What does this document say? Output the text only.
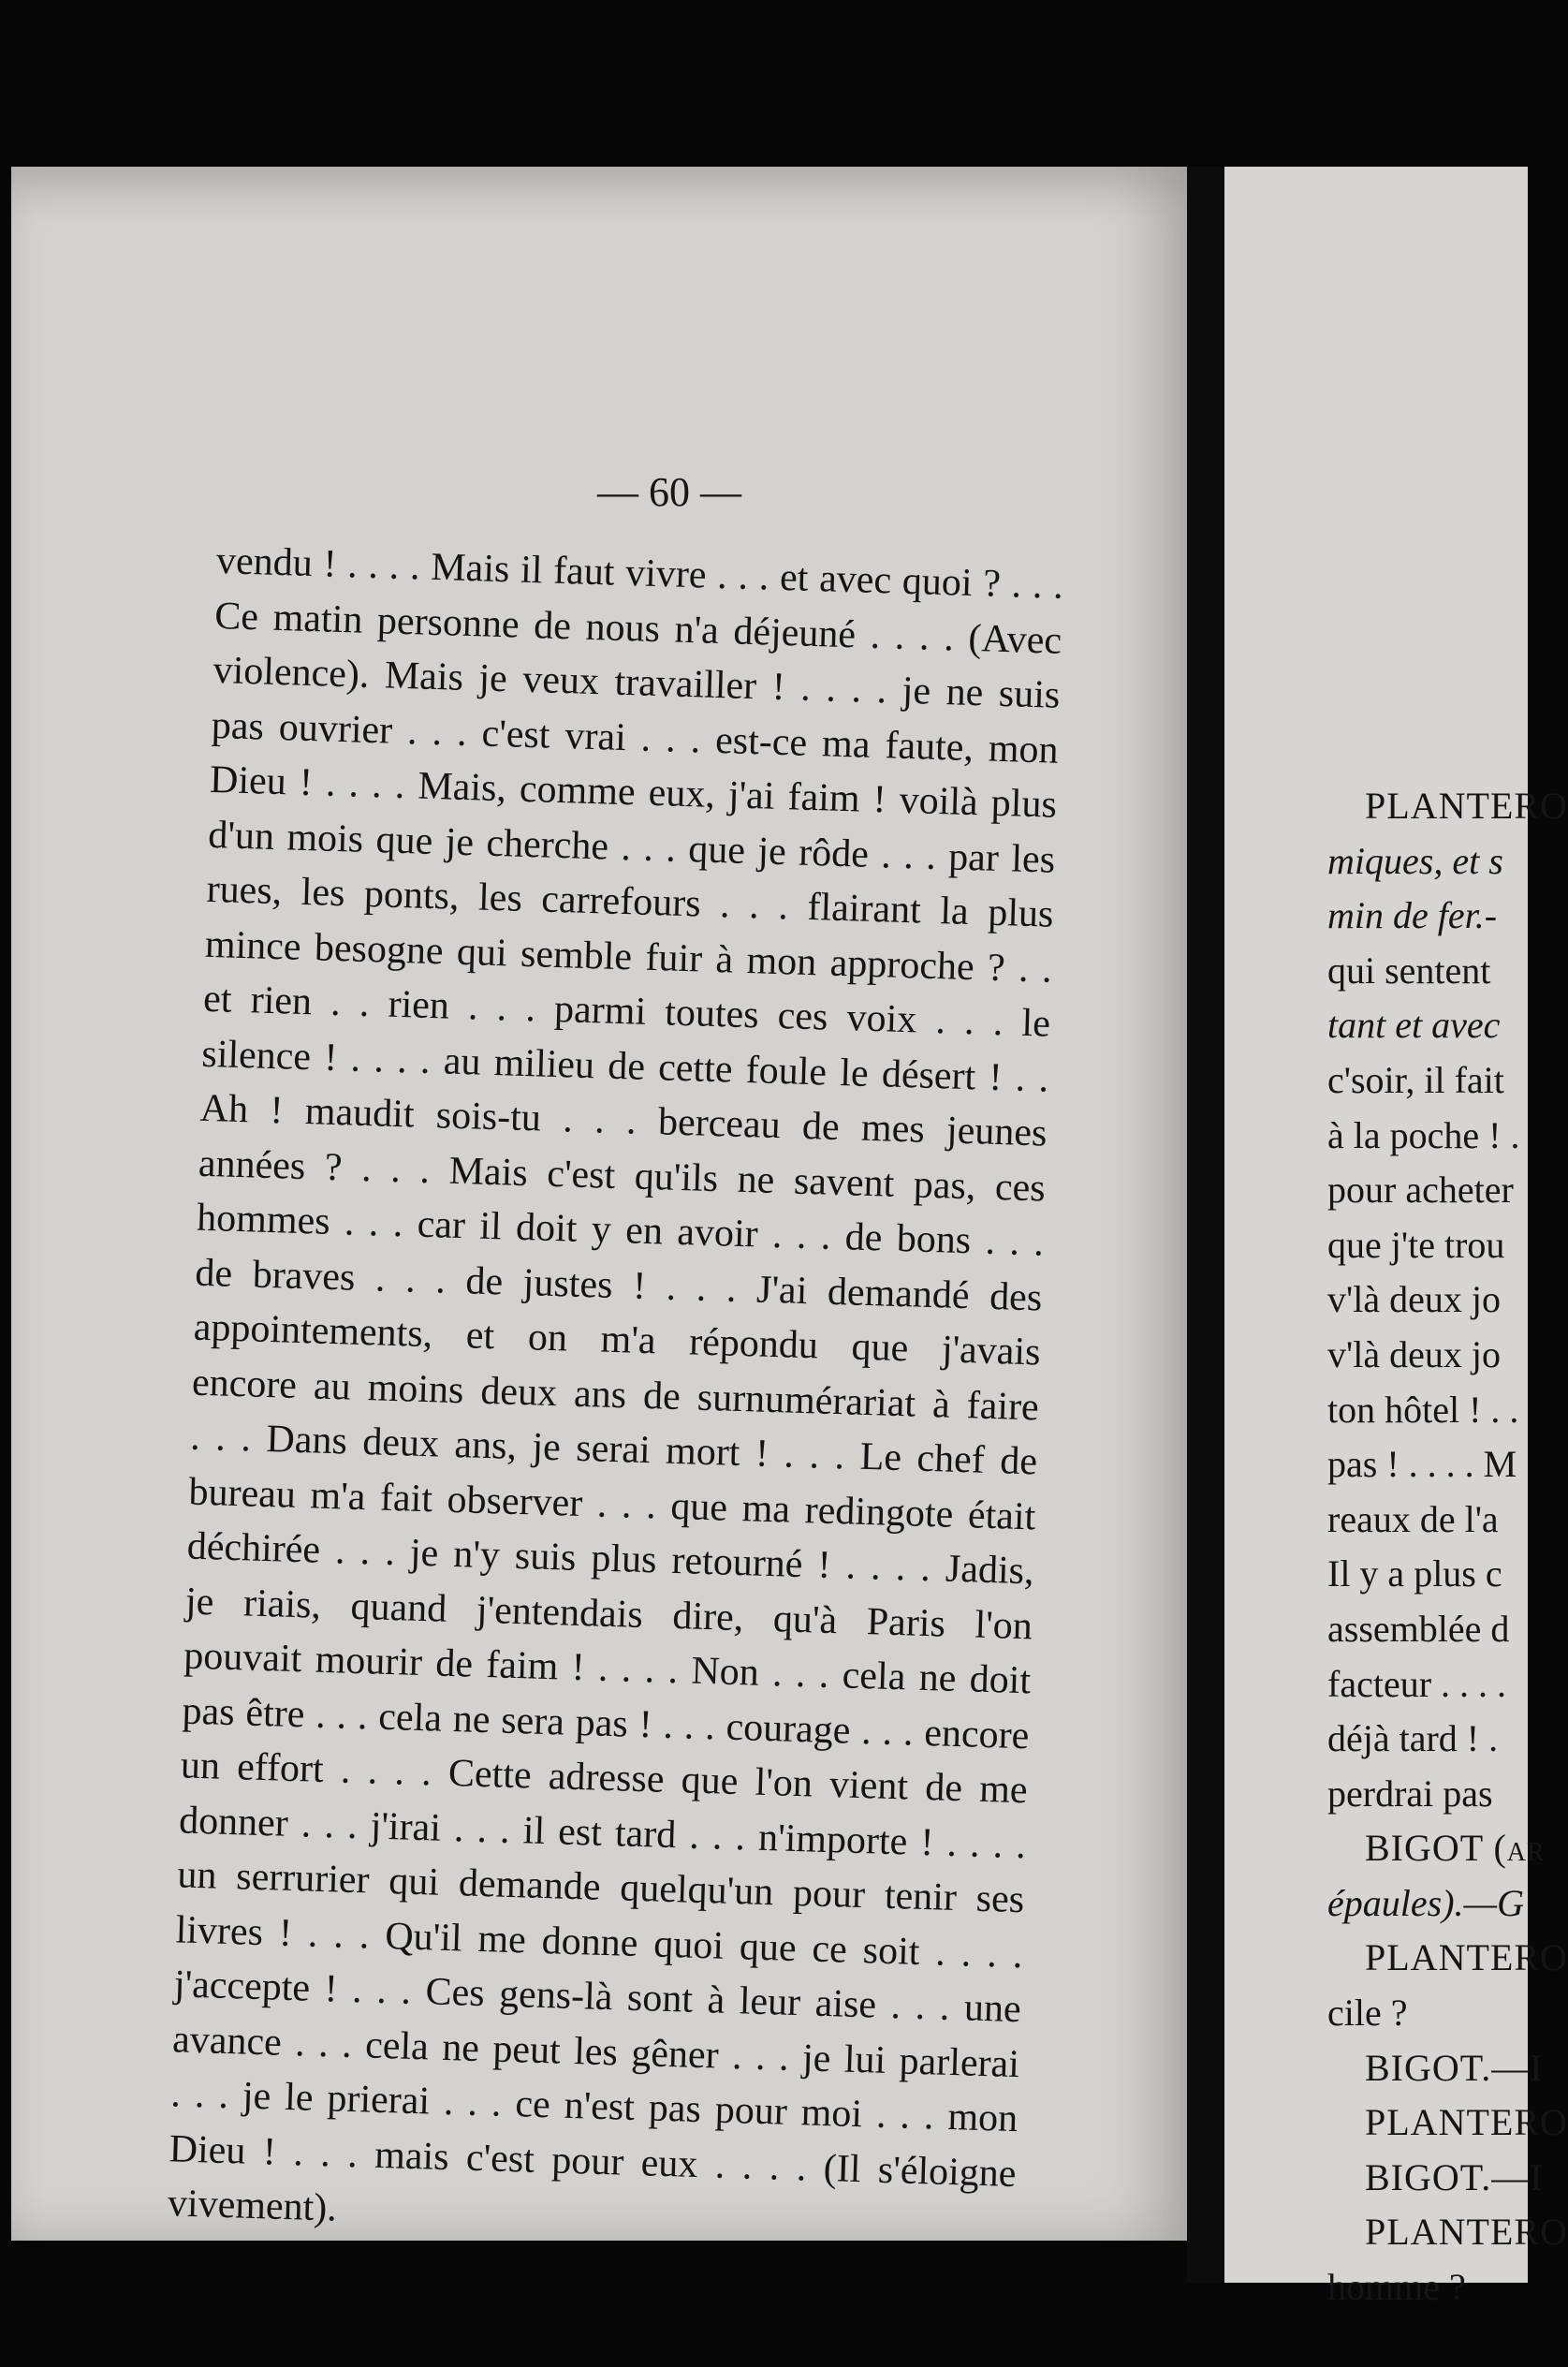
— 60 —
vendu ! . . . . Mais il faut vivre . . . et avec quoi ? . . .
Ce matin personne de nous n'a déjeuné . . . . (Avec
violence). Mais je veux travailler ! . . . . je ne suis
pas ouvrier . . . c'est vrai . . . est-ce ma faute, mon
Dieu ! . . . . Mais, comme eux, j'ai faim ! voilà plus
d'un mois que je cherche . . . que je rôde . . . par les
rues, les ponts, les carrefours . . . flairant la plus
mince besogne qui semble fuir à mon approche ? . .
et rien . . rien . . . parmi toutes ces voix . . . le
silence ! . . . . au milieu de cette foule le désert ! . .
Ah ! maudit sois-tu . . . berceau de mes jeunes
années ? . . . Mais c'est qu'ils ne savent pas, ces
hommes . . . car il doit y en avoir . . . de bons . . .
de braves . . . de justes ! . . . J'ai demandé des
appointements, et on m'a répondu que j'avais
encore au moins deux ans de surnumérariat à faire
. . . Dans deux ans, je serai mort ! . . . Le chef de
bureau m'a fait observer . . . que ma redingote était
déchirée . . . je n'y suis plus retourné ! . . . . Jadis,
je riais, quand j'entendais dire, qu'à Paris l'on
pouvait mourir de faim ! . . . . Non . . . cela ne doit
pas être . . . cela ne sera pas ! . . . courage . . . encore
un effort . . . . Cette adresse que l'on vient de me
donner . . . j'irai . . . il est tard . . . n'importe ! . . . .
un serrurier qui demande quelqu'un pour tenir ses
livres ! . . . Qu'il me donne quoi que ce soit . . . .
j'accepte ! . . . Ces gens-là sont à leur aise . . . une
avance . . . cela ne peut les gêner . . . je lui parlerai
. . . je le prierai . . . ce n'est pas pour moi . . . mon
Dieu ! . . . mais c'est pour eux . . . . (Il s'éloigne
vivement).
PLANTERO
miques, et s
min de fer.-
qui sentent
tant et avec
c'soir, il fait
à la poche ! .
pour acheter
que j'te trou
v'là deux jo
v'là deux jo
ton hôtel ! . .
pas ! . . . . M
reaux de l'a
Il y a plus c
assemblée d
facteur . . . .
déjà tard ! .
perdrai pas
BIGOT (ar
épaules).—G
PLANTERO
cile ?
BIGOT.—I
PLANTERO
BIGOT.—I
PLANTERO
homme ?
